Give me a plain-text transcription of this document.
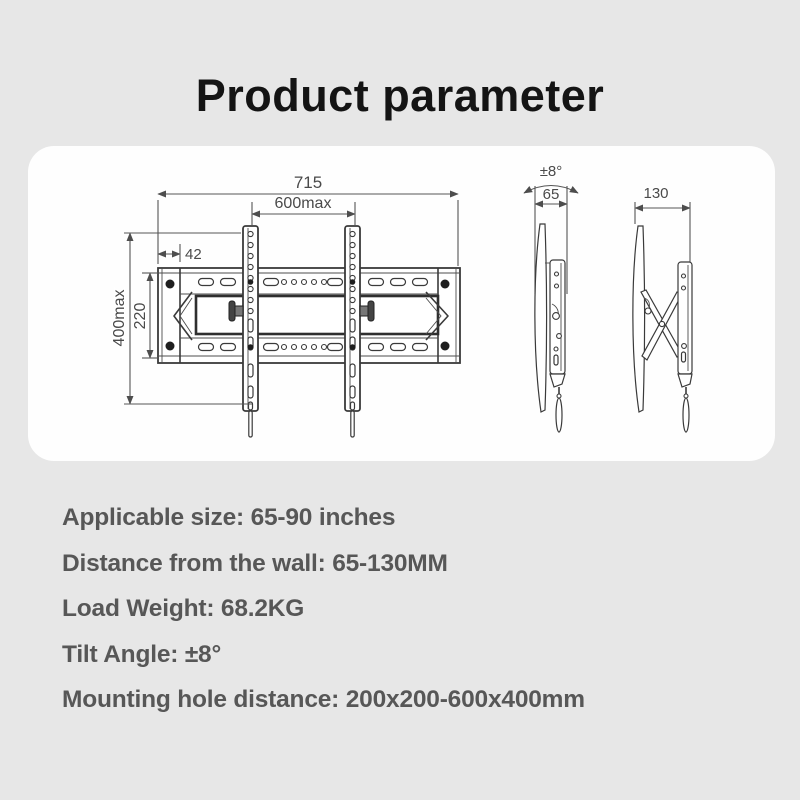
Product parameter
715
600max
42
400max 220
±8°
65	130
Applicable size: 65-90 inches
Distance from the wall: 65-130MM
Load Weight: 68.2KG
Tilt Angle: ±8°
Mounting hole distance: 200x200-600x400mm
